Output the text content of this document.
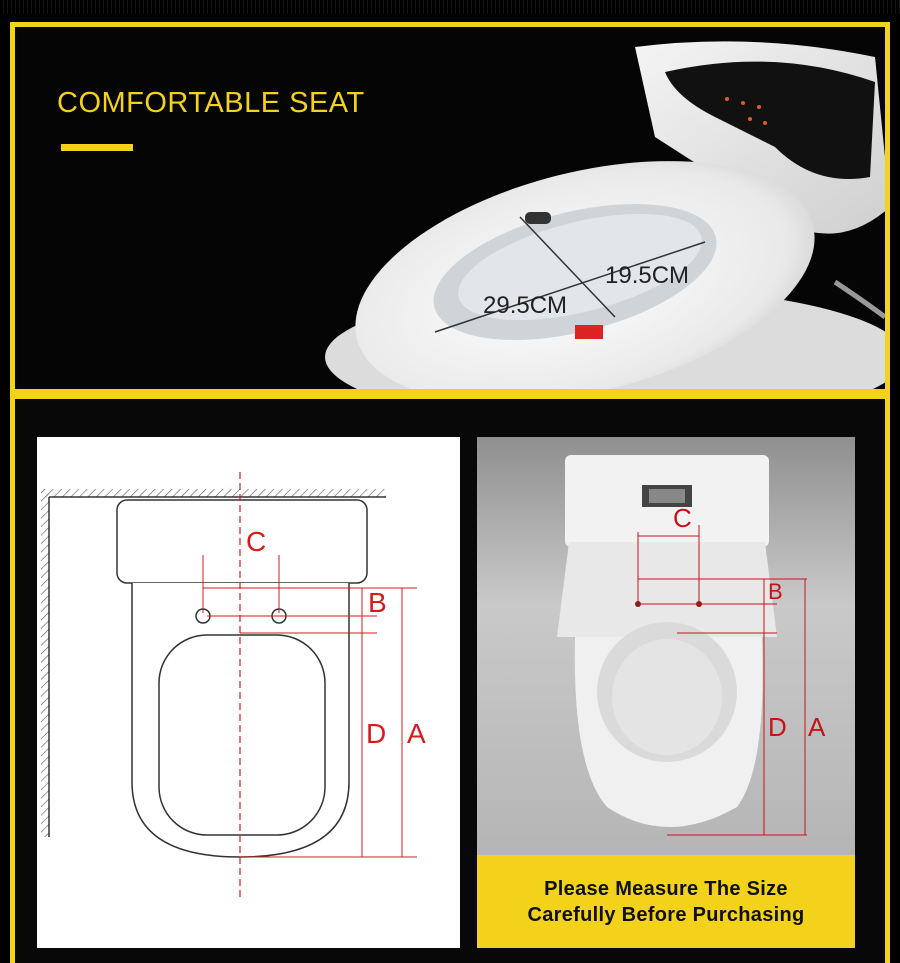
COMFORTABLE SEAT
29.5CM
19.5CM
C
B
D A
C
B
D A
Please Measure The Size
Carefully Before Purchasing
